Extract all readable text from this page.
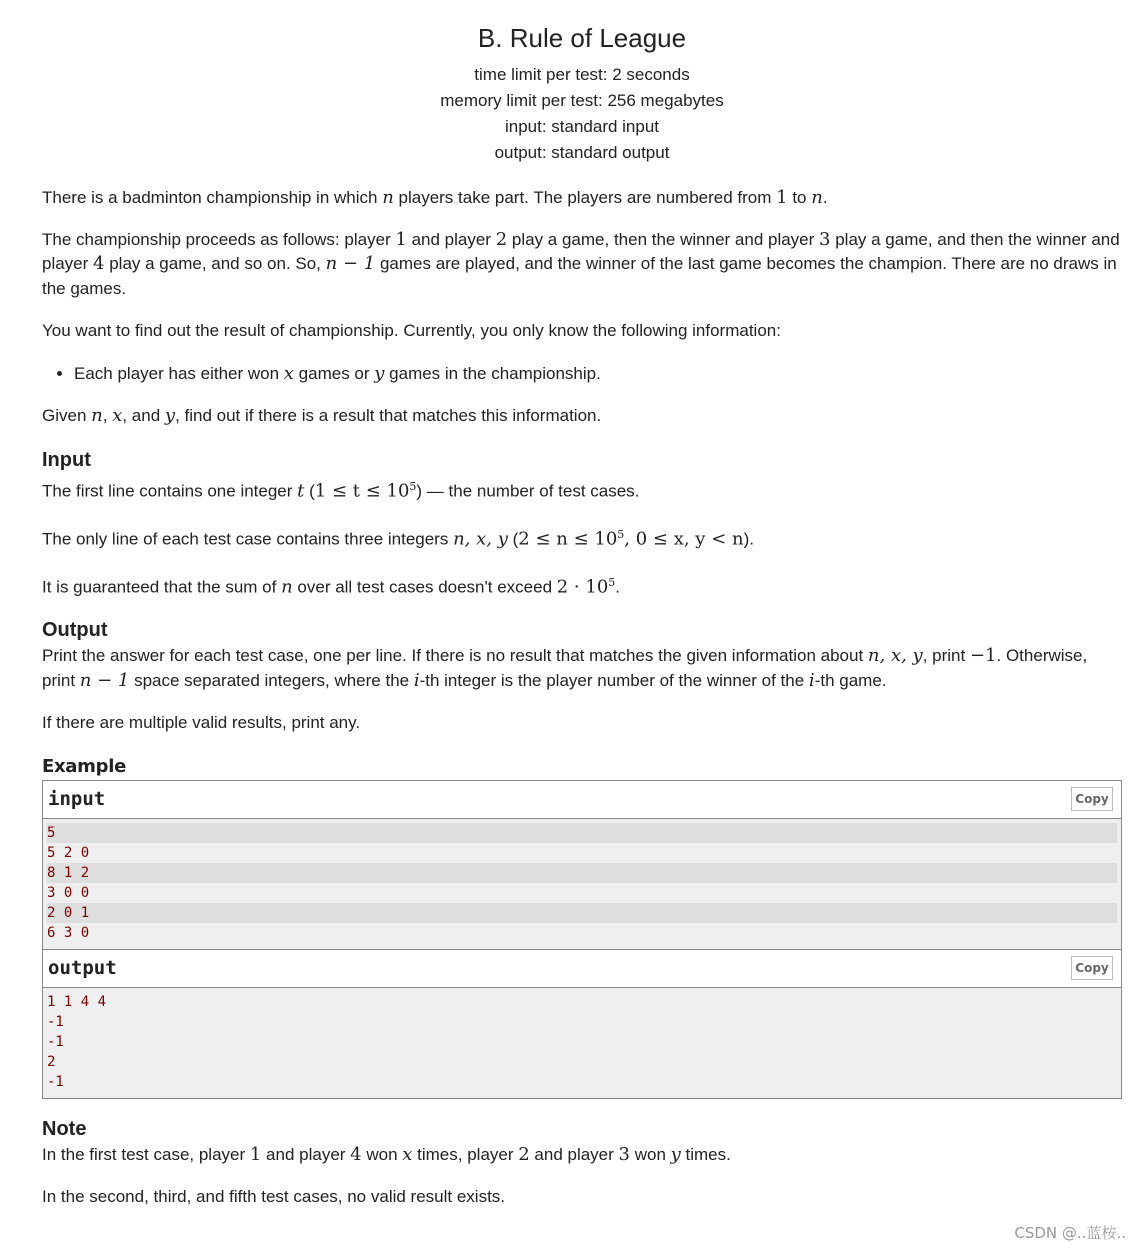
B. Rule of League
time limit per test: 2 seconds
memory limit per test: 256 megabytes
input: standard input
output: standard output

There is a badminton championship in which n players take part. The players are numbered from 1 to n.

The championship proceeds as follows: player 1 and player 2 play a game, then the winner and player 3 play a game, and then the winner and player 4 play a game, and so on. So, n − 1 games are played, and the winner of the last game becomes the champion. There are no draws in the games.

You want to find out the result of championship. Currently, you only know the following information:

• Each player has either won x games or y games in the championship.

Given n, x, and y, find out if there is a result that matches this information.

Input

The first line contains one integer t $(1 \le t \le 10^5)$ — the number of test cases.

The only line of each test case contains three integers n, x, y ($2 \le n \le 10^5$, 0 ≤ x, y < n).

It is guaranteed that the sum of n over all test cases doesn't exceed $2 \cdot 10^5$.

Output

Print the answer for each test case, one per line. If there is no result that matches the given information about n, x, y, print −1. Otherwise, print n − 1 space separated integers, where the i-th integer is the player number of the winner of the i-th game.

If there are multiple valid results, print any.

Example
input	Copy
5
5 2 0
8 1 2
3 0 0
2 0 1
6 3 0
output	Copy
1 1 4 4
-1
-1
2
-1
Note

In the first test case, player 1 and player 4 won x times, player 2 and player 3 won y times.

In the second, third, and fifth test cases, no valid result exists.

CSDN @..蓝桉..
